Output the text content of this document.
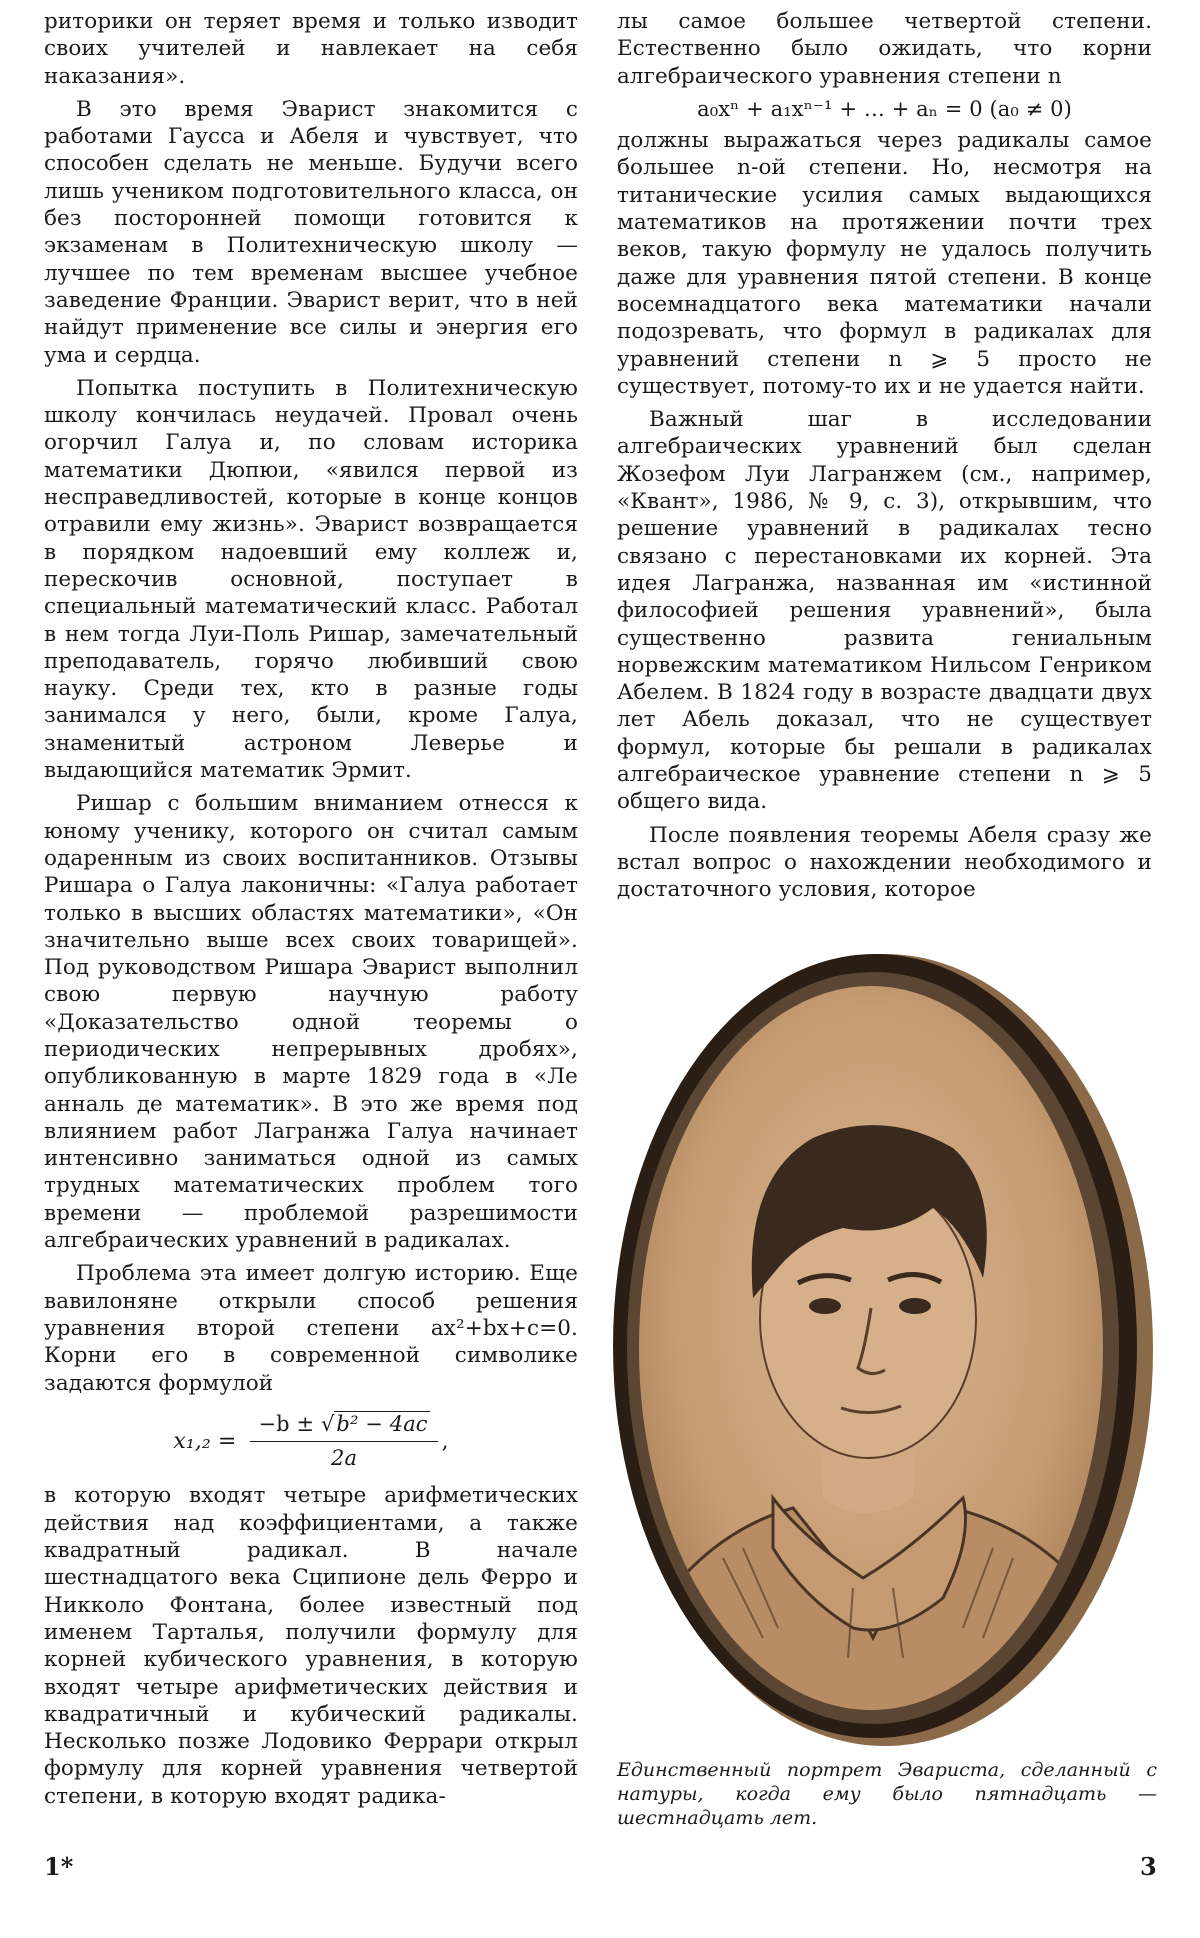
риторики он теряет время и только изводит своих учителей и навлекает на себя наказания».

В это время Эварист знакомится с работами Гаусса и Абеля и чувствует, что способен сделать не меньше. Будучи всего лишь учеником подготовительного класса, он без посторонней помощи готовится к экзаменам в Политехническую школу — лучшее по тем временам высшее учебное заведение Франции. Эварист верит, что в ней найдут применение все силы и энергия его ума и сердца.

Попытка поступить в Политехническую школу кончилась неудачей. Провал очень огорчил Галуа и, по словам историка математики Дюпюи, «явился первой из несправедливостей, которые в конце концов отравили ему жизнь». Эварист возвращается в порядком надоевший ему коллеж и, перескочив основной, поступает в специальный математический класс. Работал в нем тогда Луи-Поль Ришар, замечательный преподаватель, горячо любивший свою науку. Среди тех, кто в разные годы занимался у него, были, кроме Галуа, знаменитый астроном Леверье и выдающийся математик Эрмит.

Ришар с большим вниманием отнесся к юному ученику, которого он считал самым одаренным из своих воспитанников. Отзывы Ришара о Галуа лаконичны: «Галуа работает только в высших областях математики», «Он значительно выше всех своих товарищей». Под руководством Ришара Эварист выполнил свою первую научную работу «Доказательство одной теоремы о периодических непрерывных дробях», опубликованную в марте 1829 года в «Ле анналь де математик». В это же время под влиянием работ Лагранжа Галуа начинает интенсивно заниматься одной из самых трудных математических проблем того времени — проблемой разрешимости алгебраических уравнений в радикалах.

Проблема эта имеет долгую историю. Еще вавилоняне открыли способ решения уравнения второй степени ax²+bx+c=0. Корни его в современной символике задаются формулой

$x_1,_2 = \frac{\text{−b ± √b² − 4ac}}{2a}$ ,

в которую входят четыре арифметических действия над коэффициентами, а также квадратный радикал. В начале шестнадцатого века Сципионе дель Ферро и Никколо Фонтана, более известный под именем Тарталья, получили формулу для корней кубического уравнения, в которую входят четыре арифметических действия и квадратичный и кубический радикалы. Несколько позже Лодовико Феррари открыл формулу для корней уравнения четвертой степени, в которую входят радика-

лы самое большее четвертой степени. Естественно было ожидать, что корни алгебраического уравнения степени n

a₀xⁿ + a₁xⁿ⁻¹ + … + aₙ = 0 (a₀ ≠ 0)

должны выражаться через радикалы самое большее n-ой степени. Но, несмотря на титанические усилия самых выдающихся математиков на протяжении почти трех веков, такую формулу не удалось получить даже для уравнения пятой степени. В конце восемнадцатого века математики начали подозревать, что формул в радикалах для уравнений степени n ⩾ 5 просто не существует, потому-то их и не удается найти.

Важный шаг в исследовании алгебраических уравнений был сделан Жозефом Луи Лагранжем (см., например, «Квант», 1986, № 9, с. 3), открывшим, что решение уравнений в радикалах тесно связано с перестановками их корней. Эта идея Лагранжа, названная им «истинной философией решения уравнений», была существенно развита гениальным норвежским математиком Нильсом Генриком Абелем. В 1824 году в возрасте двадцати двух лет Абель доказал, что не существует формул, которые бы решали в радикалах алгебраическое уравнение степени n ⩾ 5 общего вида.

После появления теоремы Абеля сразу же встал вопрос о нахождении необходимого и достаточного условия, которое

Единственный портрет Эвариста, сделанный с натуры, когда ему было пятнадцать — шестнадцать лет.
1*	3
